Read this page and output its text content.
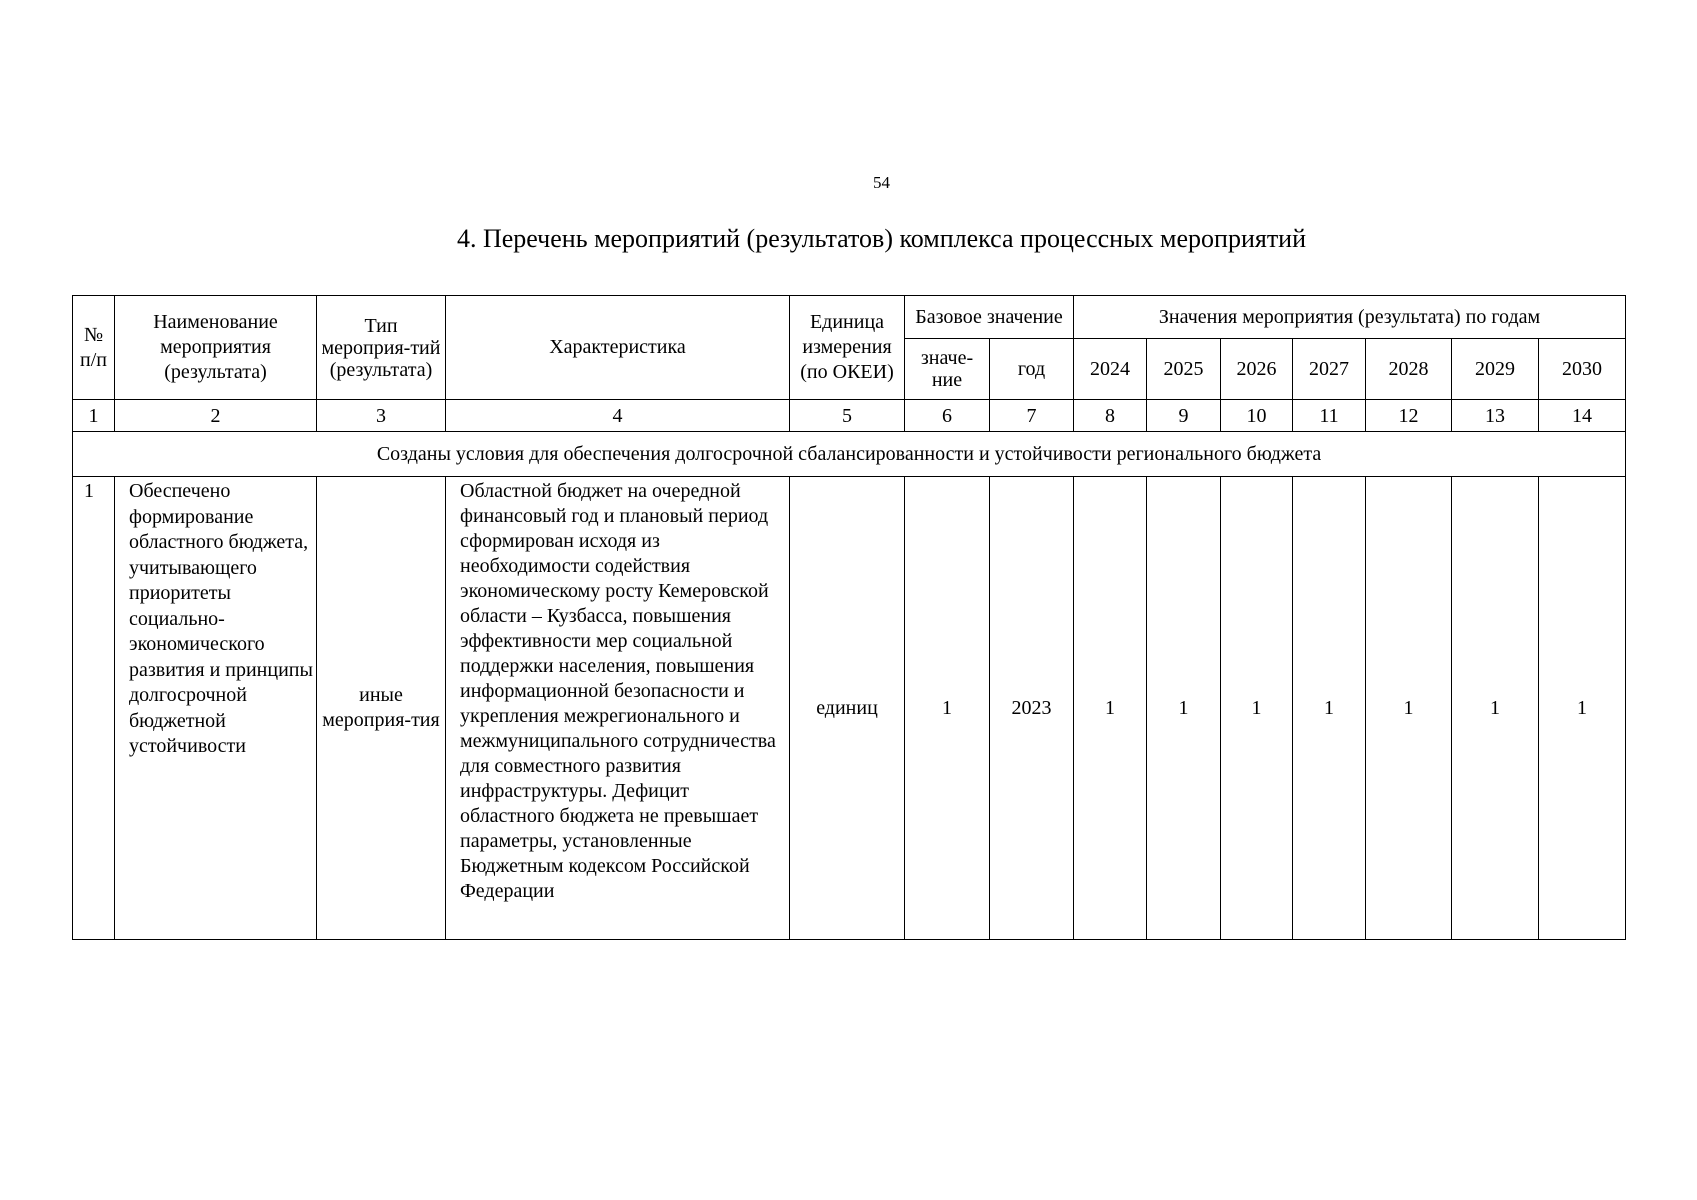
54
4. Перечень мероприятий (результатов) комплекса процессных мероприятий
№ п/п	Наименование мероприятия (результата)	Тип мероприя-тий (результата)	Характеристика	Единица измерения (по ОКЕИ)	Базовое значение		Значения мероприятия (результата) по годам						
					значе-ние	год	2024	2025	2026	2027	2028	2029	2030
1	2	3	4	5	6	7	8	9	10	11	12	13	14
Созданы условия для обеспечения долгосрочной сбалансированности и устойчивости регионального бюджета													
1	Обеспечено формирование областного бюджета, учитывающего приоритеты социально-экономического развития и принципы долгосрочной бюджетной устойчивости	иные мероприя-тия	Областной бюджет на очередной финансовый год и плановый период сформирован исходя из необходимости содействия экономическому росту Кемеровской области – Кузбасса, повышения эффективности мер социальной поддержки населения, повышения информационной безопасности и укрепления межрегионального и межмуниципального сотрудничества для совместного развития инфраструктуры. Дефицит областного бюджета не превышает параметры, установленные Бюджетным кодексом Российской Федерации	единиц	1	2023	1	1	1	1	1	1	1
